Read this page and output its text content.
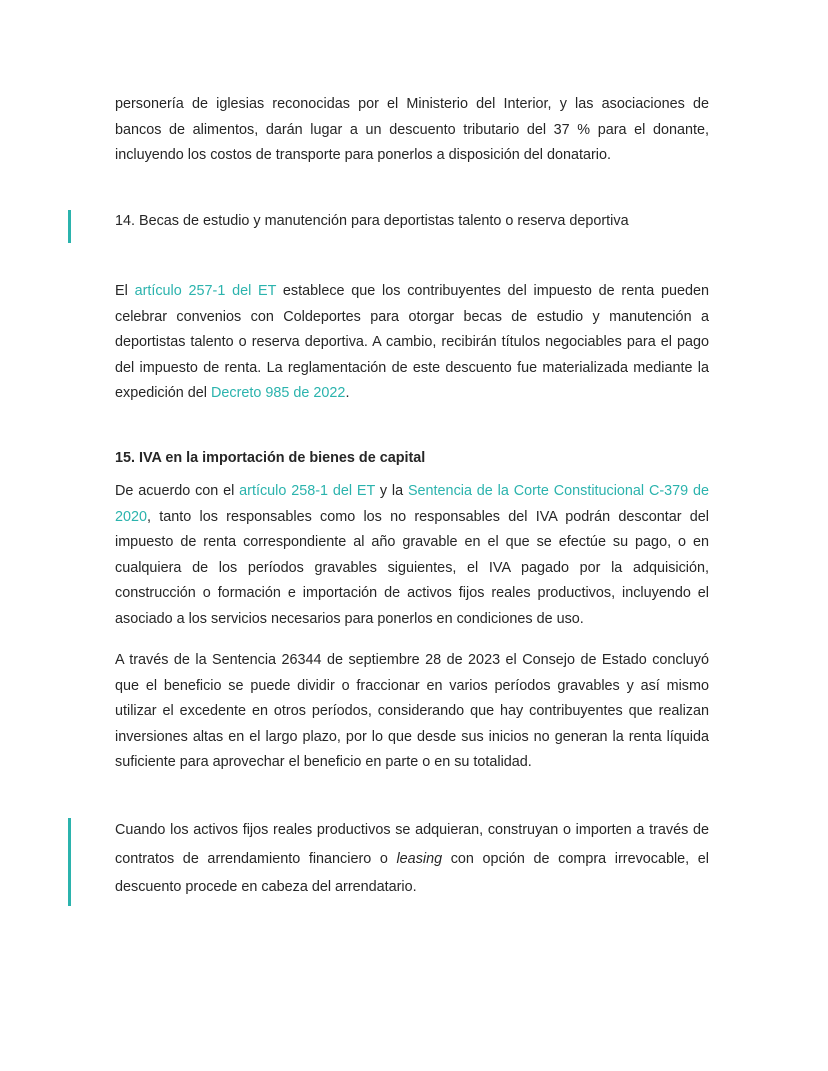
personería de iglesias reconocidas por el Ministerio del Interior, y las asociaciones de bancos de alimentos, darán lugar a un descuento tributario del 37 % para el donante, incluyendo los costos de transporte para ponerlos a disposición del donatario.

14. Becas de estudio y manutención para deportistas talento o reserva deportiva

El artículo 257-1 del ET establece que los contribuyentes del impuesto de renta pueden celebrar convenios con Coldeportes para otorgar becas de estudio y manutención a deportistas talento o reserva deportiva. A cambio, recibirán títulos negociables para el pago del impuesto de renta. La reglamentación de este descuento fue materializada mediante la expedición del Decreto 985 de 2022.

15. IVA en la importación de bienes de capital

De acuerdo con el artículo 258-1 del ET y la Sentencia de la Corte Constitucional C-379 de 2020, tanto los responsables como los no responsables del IVA podrán descontar del impuesto de renta correspondiente al año gravable en el que se efectúe su pago, o en cualquiera de los períodos gravables siguientes, el IVA pagado por la adquisición, construcción o formación e importación de activos fijos reales productivos, incluyendo el asociado a los servicios necesarios para ponerlos en condiciones de uso.

A través de la Sentencia 26344 de septiembre 28 de 2023 el Consejo de Estado concluyó que el beneficio se puede dividir o fraccionar en varios períodos gravables y así mismo utilizar el excedente en otros períodos, considerando que hay contribuyentes que realizan inversiones altas en el largo plazo, por lo que desde sus inicios no generan la renta líquida suficiente para aprovechar el beneficio en parte o en su totalidad.

Cuando los activos fijos reales productivos se adquieran, construyan o importen a través de contratos de arrendamiento financiero o leasing con opción de compra irrevocable, el descuento procede en cabeza del arrendatario.
